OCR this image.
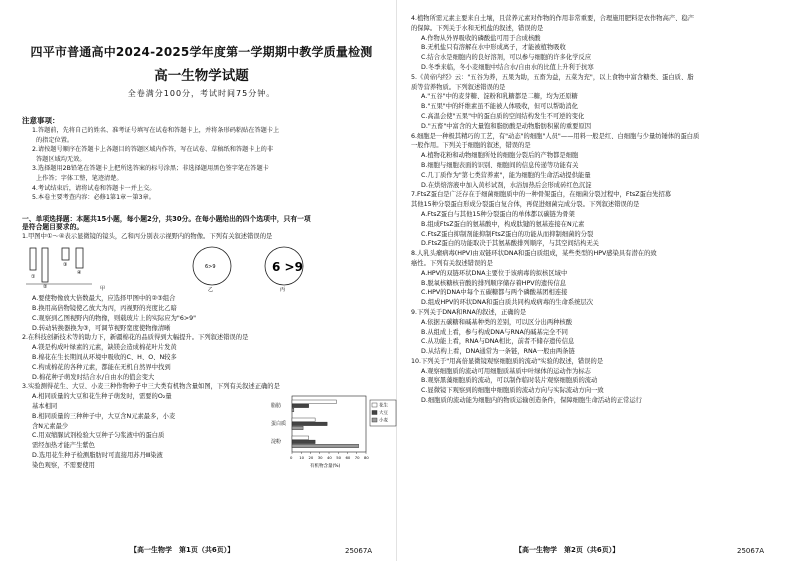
四平市普通高中2024-2025学年度第一学期期中教学质量检测
高一生物学试题
全卷满分100分，考试时间75分钟。
注意事项：
1.答题前，先将自己的姓名、准考证号填写在试卷和答题卡上，并将条形码粘贴在答题卡上
的指定位置。
2.请按题号顺序在答题卡上各题目的答题区域内作答，写在试卷、草稿纸和答题卡上的非
答题区域均无效。
3.选择题用2B铅笔在答题卡上把所选答案的标号涂黑；非选择题用黑色签字笔在答题卡
上作答；字体工整，笔迹清楚。
4.考试结束后，请将试卷和答题卡一并上交。
5.本卷主要考查内容：必修1第1章～第3章。
一、单项选择题：本题共15小题，每小题2分，共30分。在每小题给出的四个选项中，只有一项
是符合题目要求的。
1.甲图中①～④表示显微镜的镜头，乙和丙分别表示视野内的物像。下列有关叙述错误的是
①
②
③
④
甲
6>9
乙
6 >9
丙
A.要使物像放大倍数最大，应选择甲图中的②③组合
B.换用高倍物镜使乙放大为丙，丙视野的亮度比乙暗
C.观察到乙图视野内的物像，则载玻片上的实际应为"6>9"
D.转动转换器换为③，可调节视野宽度使物像清晰
2.在科技创新技术等的助力下，新疆棉花的品质得到大幅提升。下列叙述错误的是
A.镁是构成叶绿素的元素，缺镁会造成棉花叶片发黄
B.棉花在生长期间从环境中吸收的C、H、O、N较多
C.构成棉花的各种元素，都能在无机自然界中找到
D.棉花种子萌发时结合水/自由水的值会变大
3.实验测得花生、大豆、小麦三种作物种子中三大类有机物含量如图，下列有关叙述正确的是
A.相同质量的大豆和花生种子萌发时，需要的O₂量
基本相同
B.相同质量的三种种子中，大豆含N元素最多，小麦
含N元素最少
C.用双缩脲试剂检验大豆种子匀浆液中的蛋白质
需经加热才能产生紫色
D.选用花生种子检测脂肪时可直接用苏丹Ⅲ染液
染色观察，不需要使用
脂肪
蛋白质
淀粉
0 10 20 30 40 50 60 70 80
有机物含量(%)
花生
大豆
小麦
【高一生物学　第1页（共6页）】	25067A
4.植物所需元素主要来自土壤，且营养元素对作物的作用非常重要，合理施用肥料是农作物高产、稳产
的保障。下列关于水和无机盐的叙述，错误的是
A.作物从外界吸收的磷酸盐可用于合成核酸
B.无机盐只有溶解在水中形成离子，才能被植物吸收
C.结合水是细胞内的良好溶剂，可以参与细胞的许多化学反应
D.冬季来临，冬小麦细胞中结合水/自由水的比值上升利于抗寒
5.《黄帝内经》云："五谷为养，五果为助，五畜为益，五菜为充"，以上食物中富含糖类、蛋白质、脂
质等营养物质。下列叙述错误的是
A."五谷"中的麦芽糖、淀粉和乳糖都是二糖，均为还原糖
B."五果"中的纤维素虽不能被人体吸收，但可以帮助消化
C.高温会使"五果"中的蛋白质的空间结构发生不可逆的变化
D."五畜"中富含的大量饱和脂肪酸是动物脂肪积累的重要原因
6.细胞是一种极其精巧的工艺，有"动态"的细胞"人员"——用料一般是红、白细胞与少量纺锤体的蛋白质
一般作用。下列关于细胞的叙述，错误的是
A.植物花粉和动物细胞所处的细胞分裂后的产物都是细胞
B.细胞与细胞表面的识别、细胞间的信息传递等功能有关
C.几丁质作为"第七类营养素"，能为细胞的生命活动提供能量
D.在烘焙溶液中加入黄杉试剂，水浴加热后会形成砖红色沉淀
7.FtsZ蛋白是广泛存在于细菌细胞质中的一种骨架蛋白，在细菌分裂过程中，FtsZ蛋白先招募
其他15种分裂蛋白形成分裂蛋白复合体，再促进细菌完成分裂。下列叙述错误的是
A.FtsZ蛋白与其他15种分裂蛋白的单体都以碳链为骨架
B.组成FtsZ蛋白的氨基酸中，构成肽键的氨基连接在N元素
C.FtsZ蛋白抑制剂能抑制FtsZ蛋白的功能从而抑制细菌的分裂
D.FtsZ蛋白的功能取决于其氨基酸排列顺序，与其空间结构无关
8.人乳头瘤病毒(HPV)由双链环状DNA和蛋白质组成，某些类型的HPV感染具有潜在的致
癌性。下列有关叙述错误的是
A.HPV的双链环状DNA主要位于该病毒的拟核区域中
B.脱氧核糖核苷酸的排列顺序储存着HPV的遗传信息
C.HPV的DNA中每个五碳糖都与两个磷酸基团相连接
D.组成HPV的环状DNA和蛋白质共同构成病毒的生命系统层次
9.下列关于DNA和RNA的叙述，正确的是
A.依据五碳糖和碱基种类的差别，可以区分出两种核酸
B.从组成上看，参与构成DNA与RNA的碱基完全不同
C.从功能上看，RNA与DNA相比，前者不储存遗传信息
D.从结构上看，DNA通常为一条链，RNA一般由两条链
10.下列关于"用高倍显微镜观察细胞质的流动"实验的叙述，错误的是
A.观察细胞质的流动可用细胞质基质中叶绿体的运动作为标志
B.观察黑藻细胞质的流动，可以制作临时装片观察细胞质的流动
C.显微镜下观察到的细胞中细胞质的流动方向与实际流动方向一致
D.细胞质的流动能为细胞内的物质运输创造条件，保障细胞生命活动的正常运行
【高一生物学　第2页（共6页）】	25067A
